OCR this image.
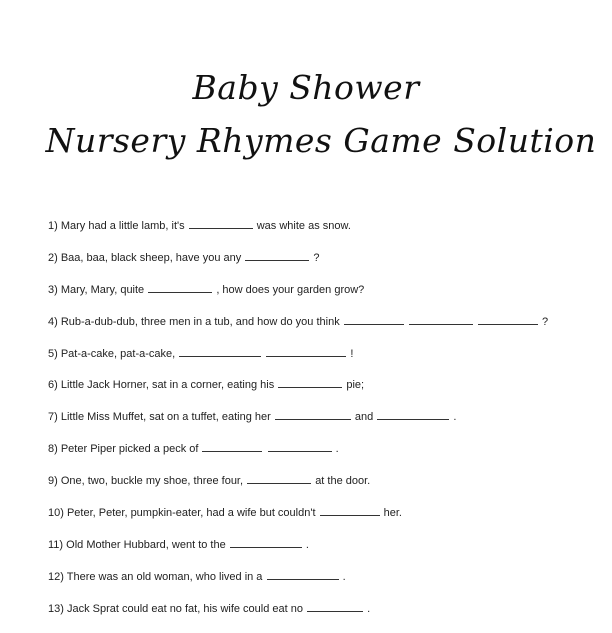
Baby Shower
Nursery Rhymes Game Solution
1) Mary had a little lamb, it's	was white as snow.
2) Baa, baa, black sheep, have you any	?
3) Mary, Mary, quite	, how does your garden grow?
4) Rub-a-dub-dub, three men in a tub, and how do you think	?
5) Pat-a-cake, pat-a-cake,	!
6) Little Jack Horner, sat in a corner, eating his	pie;
7) Little Miss Muffet, sat on a tuffet, eating her	and	.
8) Peter Piper picked a peck of	.
9) One, two, buckle my shoe, three four,	at the door.
10) Peter, Peter, pumpkin-eater, had a wife but couldn't	her.
11) Old Mother Hubbard, went to the	.
12) There was an old woman, who lived in a	.
13) Jack Sprat could eat no fat, his wife could eat no	.
